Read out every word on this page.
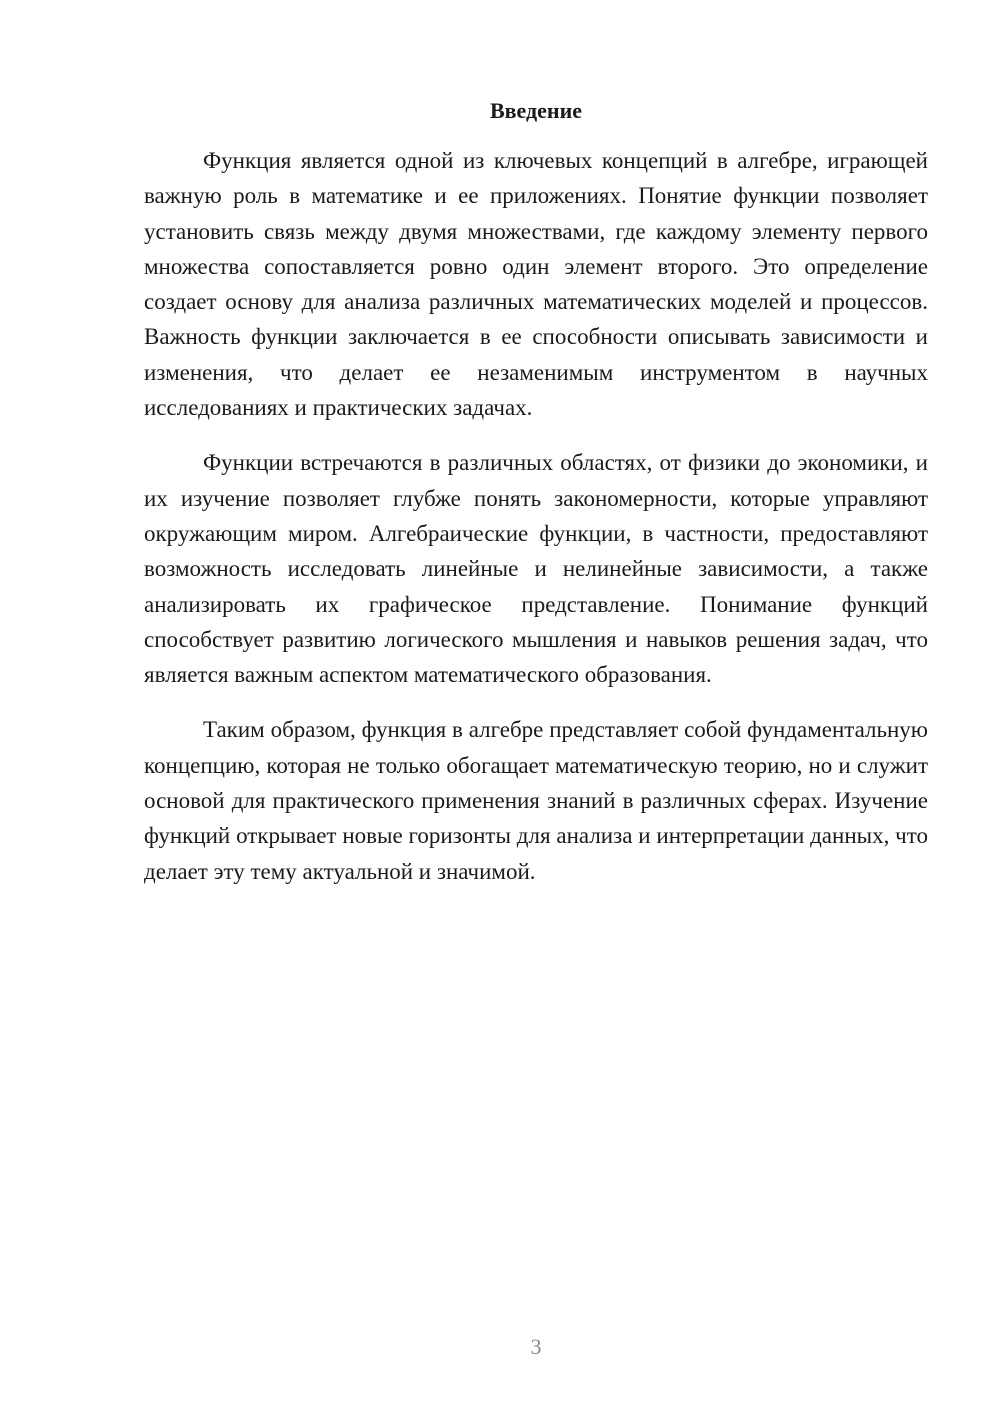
Введение

Функция является одной из ключевых концепций в алгебре, играющей важную роль в математике и ее приложениях. Понятие функции позволяет установить связь между двумя множествами, где каждому элементу первого множества сопоставляется ровно один элемент второго. Это определение создает основу для анализа различных математических моделей и процессов. Важность функции заключается в ее способности описывать зависимости и изменения, что делает ее незаменимым инструментом в научных исследованиях и практических задачах.

Функции встречаются в различных областях, от физики до экономики, и их изучение позволяет глубже понять закономерности, которые управляют окружающим миром. Алгебраические функции, в частности, предоставляют возможность исследовать линейные и нелинейные зависимости, а также анализировать их графическое представление. Понимание функций способствует развитию логического мышления и навыков решения задач, что является важным аспектом математического образования.

Таким образом, функция в алгебре представляет собой фундаментальную концепцию, которая не только обогащает математическую теорию, но и служит основой для практического применения знаний в различных сферах. Изучение функций открывает новые горизонты для анализа и интерпретации данных, что делает эту тему актуальной и значимой.

3
